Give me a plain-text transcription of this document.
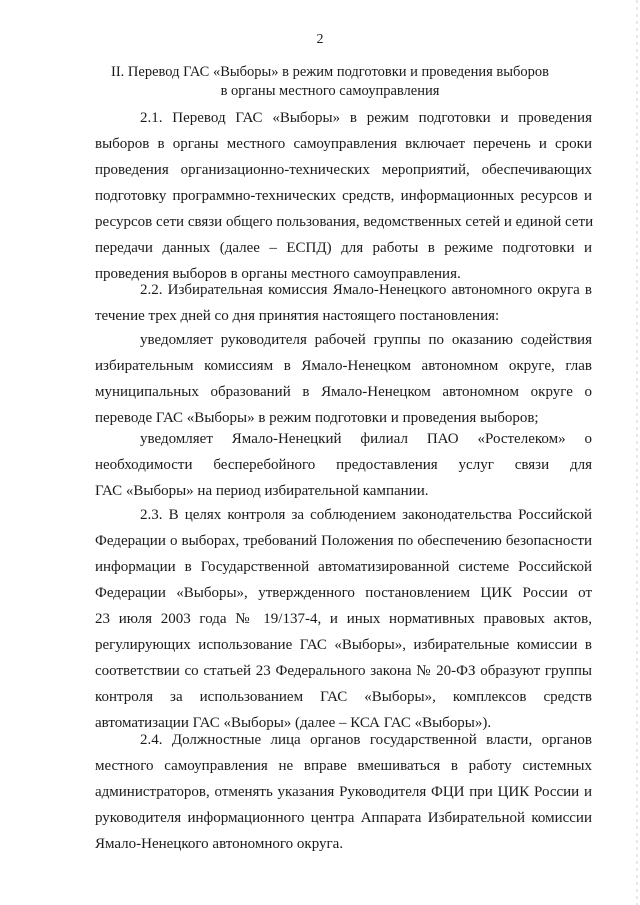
2
II. Перевод ГАС «Выборы» в режим подготовки и проведения выборов
в органы местного самоуправления
2.1. Перевод ГАС «Выборы» в режим подготовки и проведения
выборов в органы местного самоуправления включает перечень и сроки
проведения организационно-технических мероприятий, обеспечивающих
подготовку программно-технических средств, информационных ресурсов и
ресурсов сети связи общего пользования, ведомственных сетей и единой сети
передачи данных (далее – ЕСПД) для работы в режиме подготовки и
проведения выборов в органы местного самоуправления.
2.2. Избирательная комиссия Ямало-Ненецкого автономного округа в
течение трех дней со дня принятия настоящего постановления:
уведомляет руководителя рабочей группы по оказанию содействия
избирательным комиссиям в Ямало-Ненецком автономном округе, глав
муниципальных образований в Ямало-Ненецком автономном округе о
переводе ГАС «Выборы» в режим подготовки и проведения выборов;
уведомляет Ямало-Ненецкий филиал ПАО «Ростелеком» о
необходимости бесперебойного предоставления услуг связи для
ГАС «Выборы» на период избирательной кампании.
2.3. В целях контроля за соблюдением законодательства Российской
Федерации о выборах, требований Положения по обеспечению безопасности
информации в Государственной автоматизированной системе Российской
Федерации «Выборы», утвержденного постановлением ЦИК России от
23 июля 2003 года № 19/137-4, и иных нормативных правовых актов,
регулирующих использование ГАС «Выборы», избирательные комиссии в
соответствии со статьей 23 Федерального закона № 20-ФЗ образуют группы
контроля за использованием ГАС «Выборы», комплексов средств
автоматизации ГАС «Выборы» (далее – КСА ГАС «Выборы»).
2.4. Должностные лица органов государственной власти, органов
местного самоуправления не вправе вмешиваться в работу системных
администраторов, отменять указания Руководителя ФЦИ при ЦИК России и
руководителя информационного центра Аппарата Избирательной комиссии
Ямало-Ненецкого автономного округа.
